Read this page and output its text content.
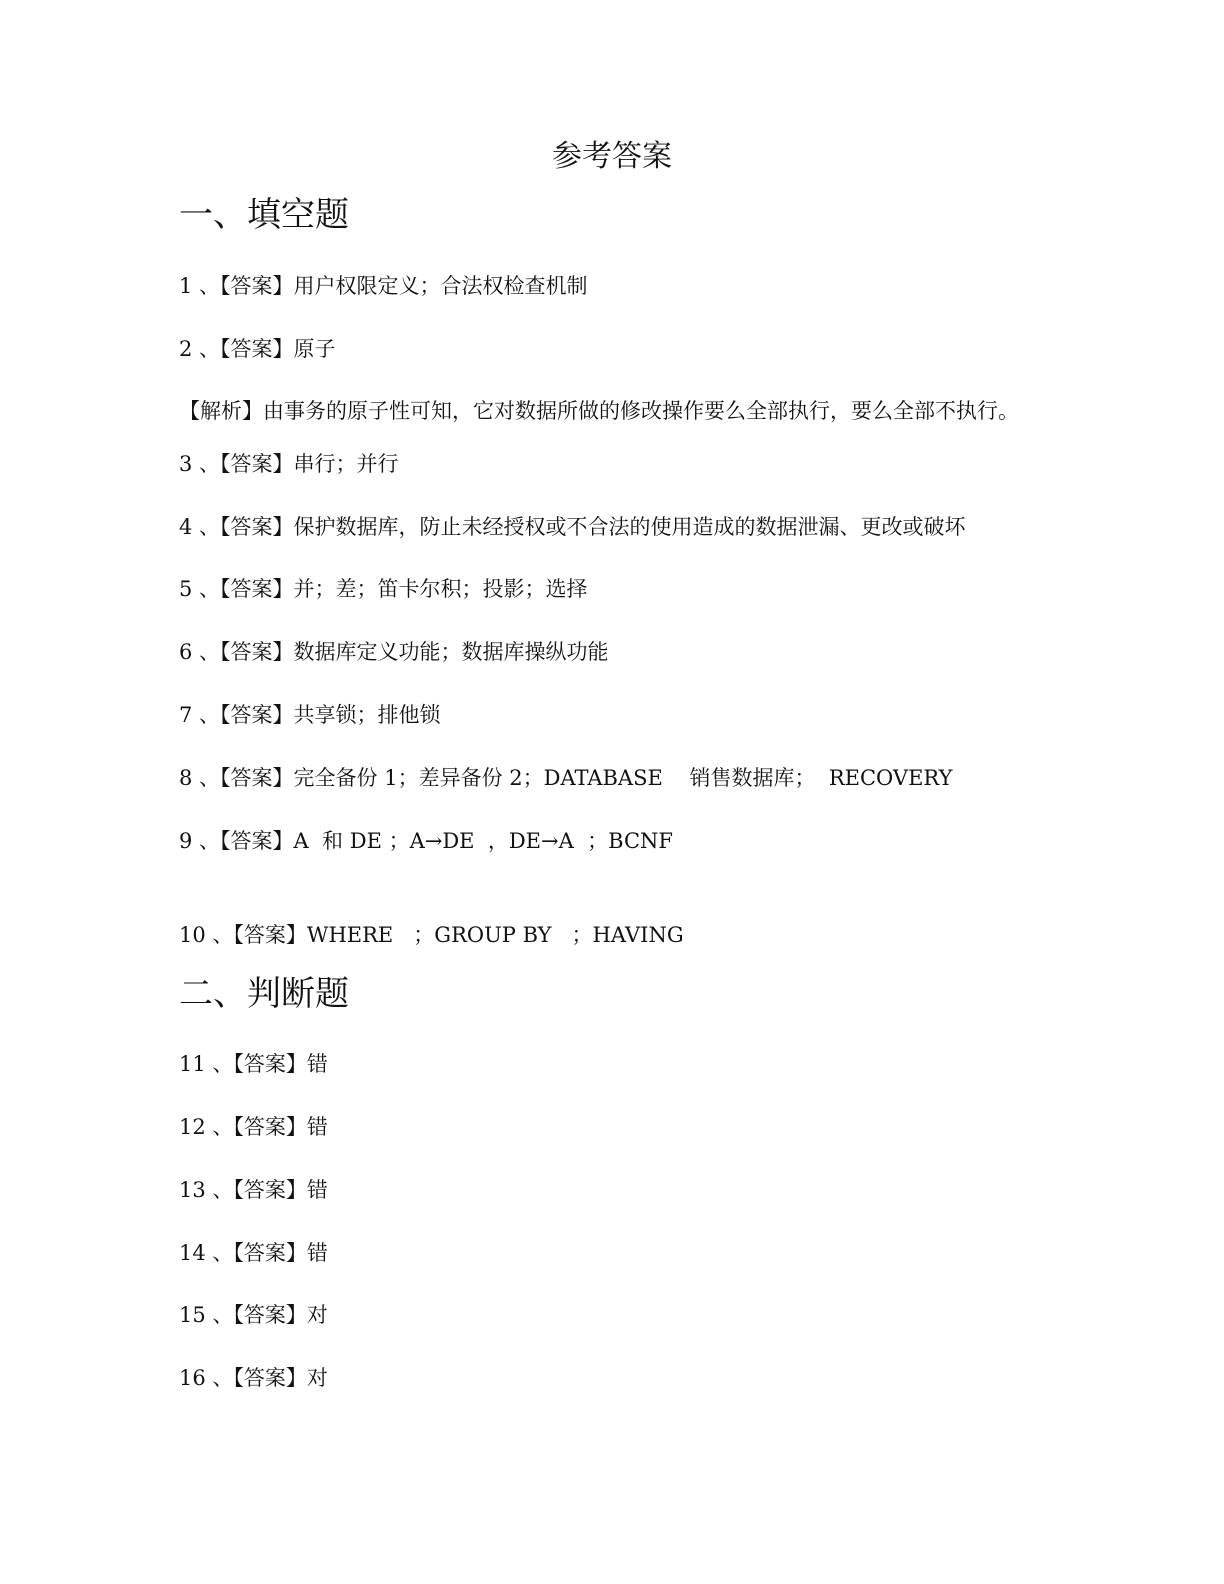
参考答案
一、填空题
1 、【答案】用户权限定义；合法权检查机制
2 、【答案】原子
【解析】由事务的原子性可知，它对数据所做的修改操作要么全部执行，要么全部不执行。
3 、【答案】串行；并行
4 、【答案】保护数据库，防止未经授权或不合法的使用造成的数据泄漏、更改或破坏
5 、【答案】并；差；笛卡尔积；投影；选择
6 、【答案】数据库定义功能；数据库操纵功能
7 、【答案】共享锁；排他锁
8 、【答案】完全备份 1；差异备份 2；DATABASE    销售数据库；  RECOVERY
9 、【答案】A  和 DE ；A→DE  ，DE→A  ；BCNF
10 、【答案】WHERE   ；GROUP BY   ；HAVING
二、判断题
11 、【答案】错
12 、【答案】错
13 、【答案】错
14 、【答案】错
15 、【答案】对
16 、【答案】对
